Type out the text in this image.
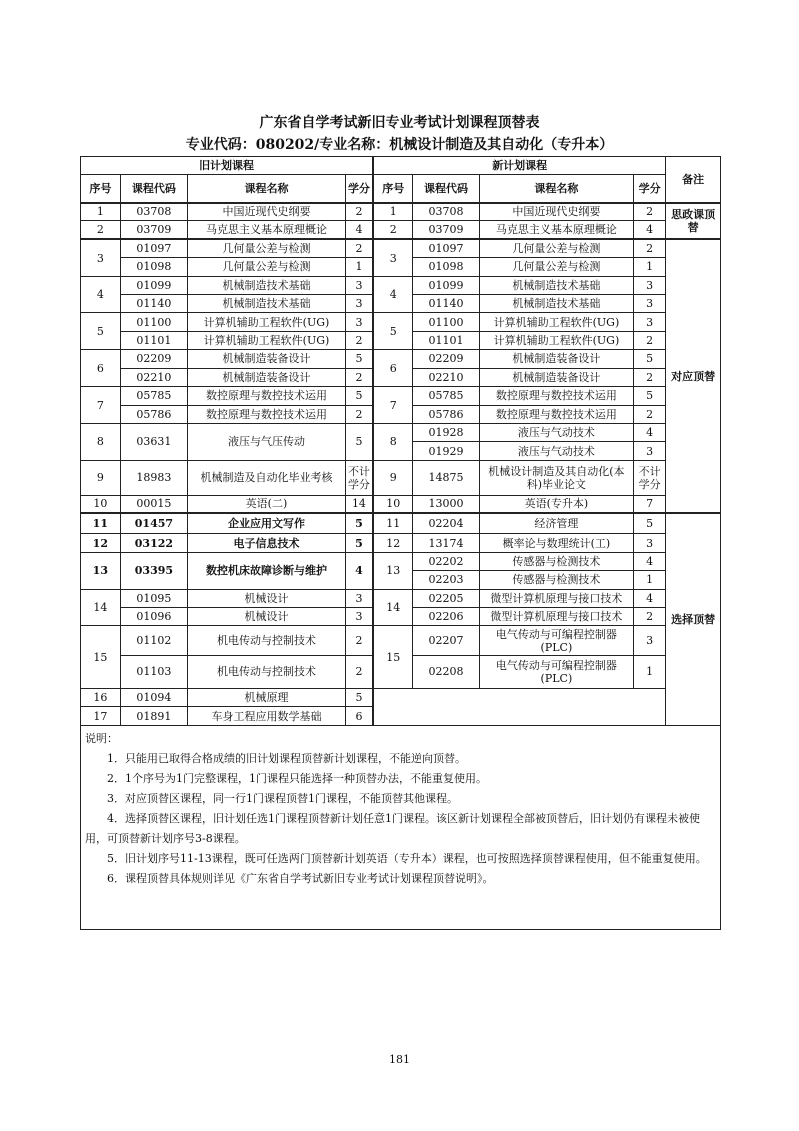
广东省自学考试新旧专业考试计划课程顶替表
专业代码：080202/专业名称：机械设计制造及其自动化（专升本）
旧计划课程				新计划课程				备注
序号	课程代码	课程名称	学分	序号	课程代码	课程名称	学分	
1	03708	中国近现代史纲要	2	1	03708	中国近现代史纲要	2	思政课顶替
2	03709	马克思主义基本原理概论	4	2	03709	马克思主义基本原理概论	4	
3	01097	几何量公差与检测	2	3	01097	几何量公差与检测	2	对应顶替
	01098	几何量公差与检测	1		01098	几何量公差与检测	1	
4	01099	机械制造技术基础	3	4	01099	机械制造技术基础	3	
	01140	机械制造技术基础	3		01140	机械制造技术基础	3	
5	01100	计算机辅助工程软件(UG)	3	5	01100	计算机辅助工程软件(UG)	3	
	01101	计算机辅助工程软件(UG)	2		01101	计算机辅助工程软件(UG)	2	
6	02209	机械制造装备设计	5	6	02209	机械制造装备设计	5	
	02210	机械制造装备设计	2		02210	机械制造装备设计	2	
7	05785	数控原理与数控技术运用	5	7	05785	数控原理与数控技术运用	5	
	05786	数控原理与数控技术运用	2		05786	数控原理与数控技术运用	2	
8	03631	液压与气压传动	5	8	01928	液压与气动技术	4	
					01929	液压与气动技术	3	
9	18983	机械制造及自动化毕业考核	不计学分	9	14875	机械设计制造及其自动化(本科)毕业论文	不计学分	
10	00015	英语(二)	14	10	13000	英语(专升本)	7	
11	01457	企业应用文写作	5	11	02204	经济管理	5	选择顶替
12	03122	电子信息技术	5	12	13174	概率论与数理统计(工)	3	
13	03395	数控机床故障诊断与维护	4	13	02202	传感器与检测技术	4	
					02203	传感器与检测技术	1	
14	01095	机械设计	3	14	02205	微型计算机原理与接口技术	4	
	01096	机械设计	3		02206	微型计算机原理与接口技术	2	
15	01102	机电传动与控制技术	2	15	02207	电气传动与可编程控制器(PLC)	3	
	01103	机电传动与控制技术	2		02208	电气传动与可编程控制器(PLC)	1	
16	01094	机械原理	5					
17	01891	车身工程应用数学基础	6					

说明：

1．只能用已取得合格成绩的旧计划课程顶替新计划课程，不能逆向顶替。

2．1个序号为1门完整课程，1门课程只能选择一种顶替办法，不能重复使用。

3．对应顶替区课程，同一行1门课程顶替1门课程，不能顶替其他课程。

4．选择顶替区课程，旧计划任选1门课程顶替新计划任意1门课程。该区新计划课程全部被顶替后，旧计划仍有课程未被使用，可顶替新计划序号3-8课程。

5．旧计划序号11-13课程，既可任选两门顶替新计划英语（专升本）课程，也可按照选择顶替课程使用，但不能重复使用。

6．课程顶替具体规则详见《广东省自学考试新旧专业考试计划课程顶替说明》。

181
